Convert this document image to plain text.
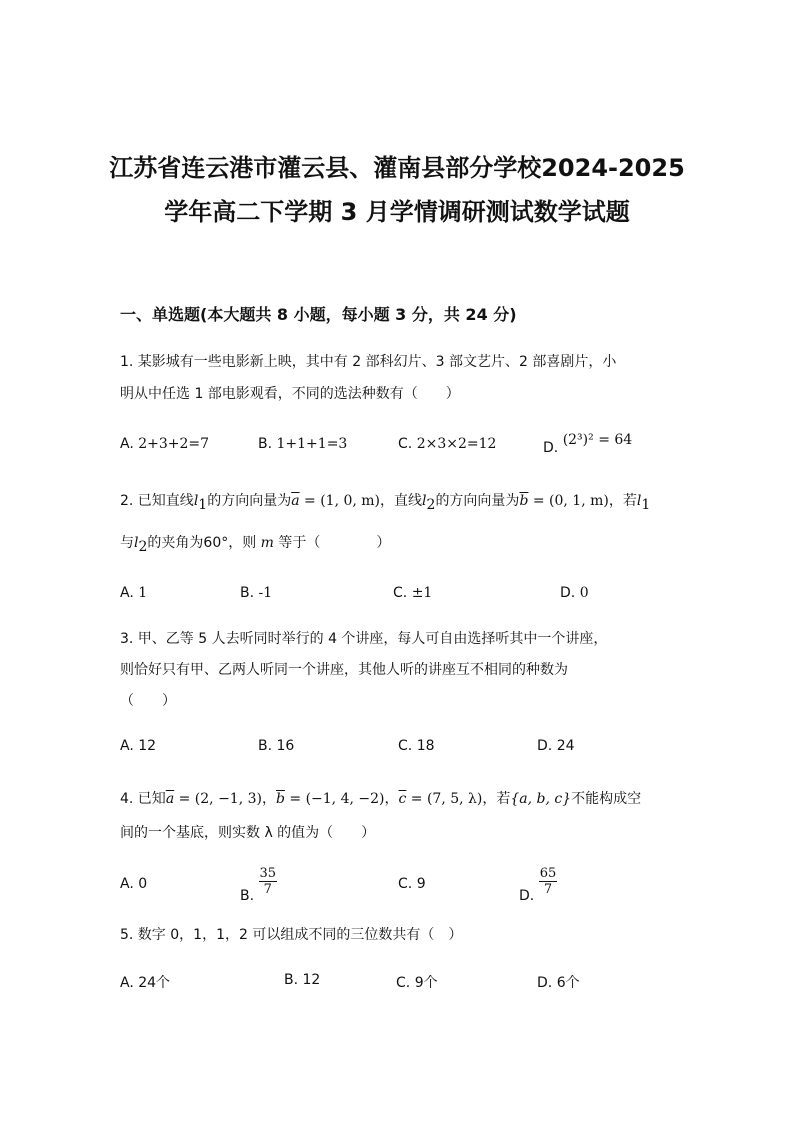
江苏省连云港市灌云县、灌南县部分学校2024-2025
学年高二下学期 3 月学情调研测试数学试题
一、单选题(本大题共 8 小题，每小题 3 分，共 24 分)
1. 某影城有一些电影新上映，其中有 2 部科幻片、3 部文艺片、2 部喜剧片，小
明从中任选 1 部电影观看，不同的选法种数有（　　）
A. 2+3+2=7	B. 1+1+1=3	C. 2×3×2=12	D. (2³)² = 64
2. 已知直线$l_1$的方向向量为$\overline{a} = (1$, 0, m)，直线$l_2$的方向向量为$\overline{b} = (0$, 1, m)，若$l_1$
与$l_2$的夹角为60°，则 m 等于（　　　　）
A. 1	B. -1	C. ±1	D. 0
3. 甲、乙等 5 人去听同时举行的 4 个讲座，每人可自由选择听其中一个讲座，
则恰好只有甲、乙两人听同一个讲座，其他人听的讲座互不相同的种数为
（　　）
A. 12	B. 16	C. 18	D. 24
4. 已知$\overline{a} = (2$, −1, 3)，$\overline{b} = (-1$, 4, −2)，$\overline{c} = (7$, 5, λ)，若{a, b, c}不能构成空
间的一个基底，则实数 λ 的值为（　　）
A. 0
B. $\frac{35}{7}$	C. 9
D. $\frac{65}{7}$
5. 数字 0，1，1，2 可以组成不同的三位数共有（　）
A. 24个	B. 12	C. 9个	D. 6个
